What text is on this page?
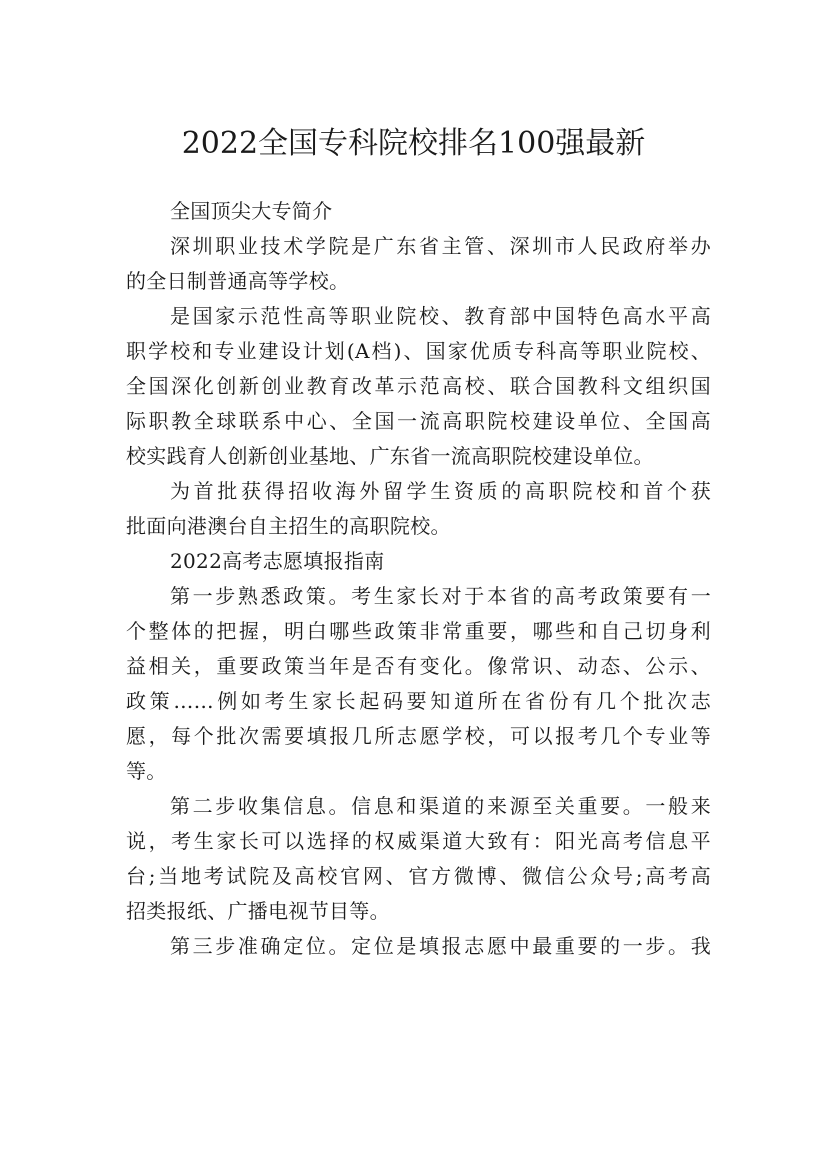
2022全国专科院校排名100强最新
全国顶尖大专简介
深圳职业技术学院是广东省主管、深圳市人民政府举办
的全日制普通高等学校。
是国家示范性高等职业院校、教育部中国特色高水平高
职学校和专业建设计划(A档)、国家优质专科高等职业院校、
全国深化创新创业教育改革示范高校、联合国教科文组织国
际职教全球联系中心、全国一流高职院校建设单位、全国高
校实践育人创新创业基地、广东省一流高职院校建设单位。
为首批获得招收海外留学生资质的高职院校和首个获
批面向港澳台自主招生的高职院校。
2022高考志愿填报指南
第一步熟悉政策。考生家长对于本省的高考政策要有一
个整体的把握，明白哪些政策非常重要，哪些和自己切身利
益相关，重要政策当年是否有变化。像常识、动态、公示、
政策……例如考生家长起码要知道所在省份有几个批次志
愿，每个批次需要填报几所志愿学校，可以报考几个专业等
等。
第二步收集信息。信息和渠道的来源至关重要。一般来
说，考生家长可以选择的权威渠道大致有：阳光高考信息平
台;当地考试院及高校官网、官方微博、微信公众号;高考高
招类报纸、广播电视节目等。
第三步准确定位。定位是填报志愿中最重要的一步。我
